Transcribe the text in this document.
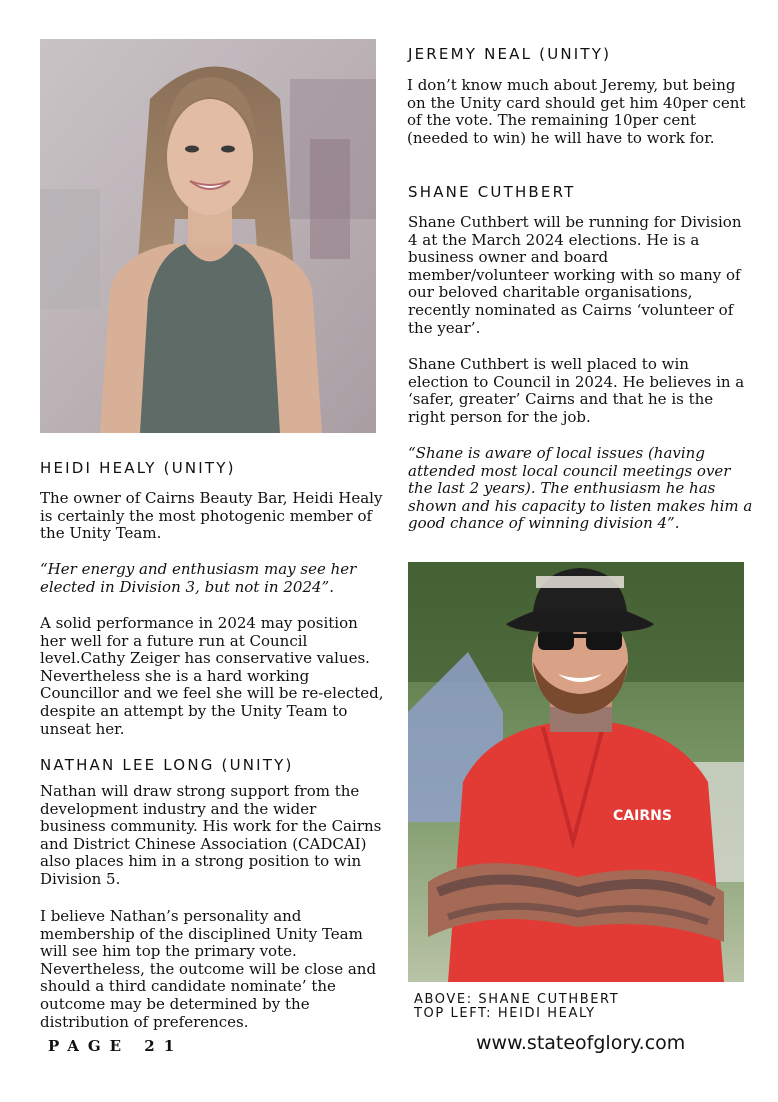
HEIDI HEALY (UNITY)

The owner of Cairns Beauty Bar, Heidi Healy is certainly the most photogenic member of the Unity Team.

“Her energy and enthusiasm may see her elected in Division 3, but not in 2024”.

A solid performance in 2024 may position her well for a future run at Council level.Cathy Zeiger has conservative values. Nevertheless she is a hard working Councillor and we feel she will be re-elected, despite an attempt by the Unity Team to unseat her.

NATHAN LEE LONG (UNITY)

Nathan will draw strong support from the development industry and the wider business community. His work for the Cairns and District Chinese Association (CADCAI) also places him in a strong position to win Division 5.

I believe Nathan’s personality and membership of the disciplined Unity Team will see him top the primary vote. Nevertheless, the outcome will be close and should a third candidate nominate’ the outcome may be determined by the distribution of preferences.

JEREMY NEAL (UNITY)

I don’t know much about Jeremy, but being on the Unity card should get him 40per cent of the vote. The remaining 10per cent (needed to win) he will have to work for.

SHANE CUTHBERT

Shane Cuthbert will be running for Division 4 at the March 2024 elections. He is a business owner and board member/volunteer working with so many of our beloved charitable organisations, recently nominated as Cairns ‘volunteer of the year’.

Shane Cuthbert is well placed to win election to Council in 2024. He believes in a ‘safer, greater’ Cairns and that he is the right person for the job.

“Shane is aware of local issues (having attended most local council meetings over the last 2 years). The enthusiasm he has shown and his capacity to listen makes him a good chance of winning division 4”.

CAIRNS
ABOVE: SHANE CUTHBERT
TOP LEFT: HEIDI HEALY
PAGE 21	www.stateofglory.com
